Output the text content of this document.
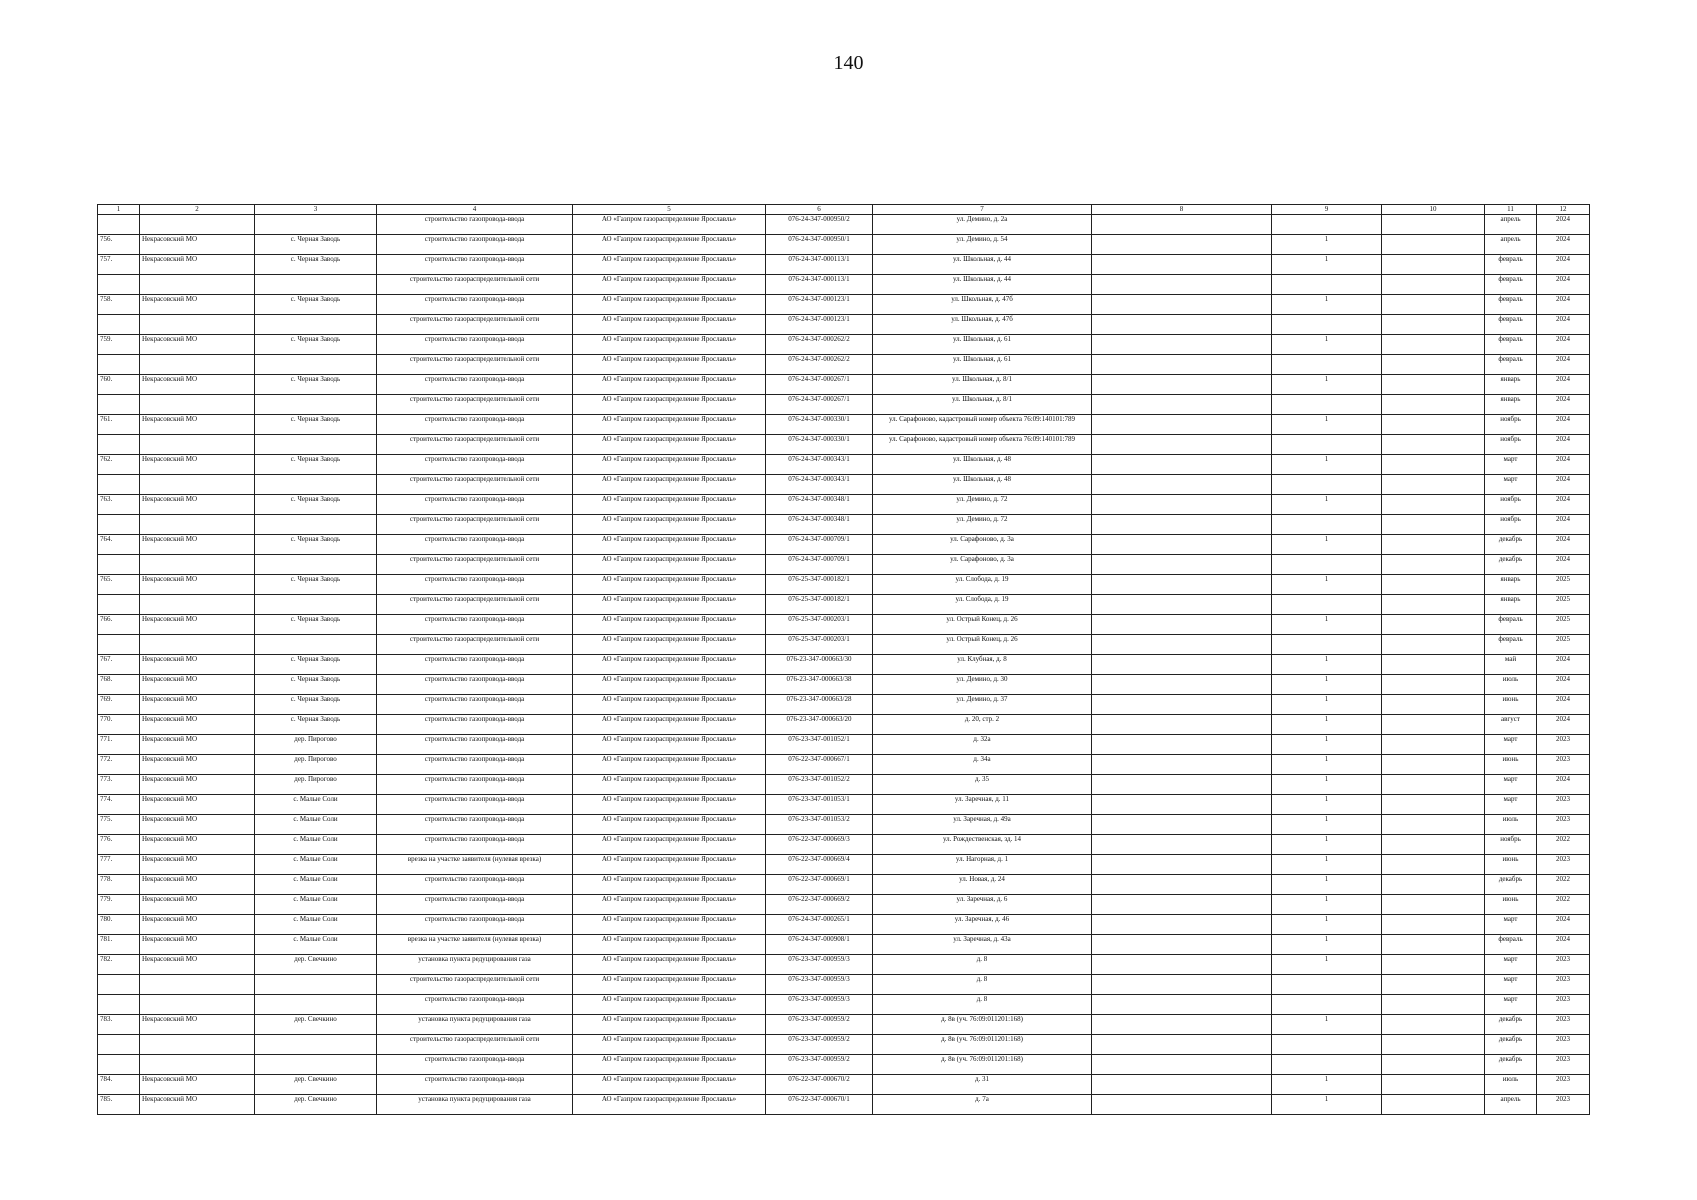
140
1	2	3	4	5	6	7	8	9	10	11	12
			строительство газопровода-ввода	АО «Газпром газораспределение Ярославль»	076-24-347-000950/2	ул. Демино, д. 2а				апрель	2024
756.	Некрасовский МО	с. Черная Заводь	строительство газопровода-ввода	АО «Газпром газораспределение Ярославль»	076-24-347-000950/1	ул. Демино, д. 54		1		апрель	2024
757.	Некрасовский МО	с. Черная Заводь	строительство газопровода-ввода	АО «Газпром газораспределение Ярославль»	076-24-347-000113/1	ул. Школьная, д. 44		1		февраль	2024
			строительство газораспределительной сети	АО «Газпром газораспределение Ярославль»	076-24-347-000113/1	ул. Школьная, д. 44				февраль	2024
758.	Некрасовский МО	с. Черная Заводь	строительство газопровода-ввода	АО «Газпром газораспределение Ярославль»	076-24-347-000123/1	ул. Школьная, д. 47б		1		февраль	2024
			строительство газораспределительной сети	АО «Газпром газораспределение Ярославль»	076-24-347-000123/1	ул. Школьная, д. 47б				февраль	2024
759.	Некрасовский МО	с. Черная Заводь	строительство газопровода-ввода	АО «Газпром газораспределение Ярославль»	076-24-347-000262/2	ул. Школьная, д. 61		1		февраль	2024
			строительство газораспределительной сети	АО «Газпром газораспределение Ярославль»	076-24-347-000262/2	ул. Школьная, д. 61				февраль	2024
760.	Некрасовский МО	с. Черная Заводь	строительство газопровода-ввода	АО «Газпром газораспределение Ярославль»	076-24-347-000267/1	ул. Школьная, д. 8/1		1		январь	2024
			строительство газораспределительной сети	АО «Газпром газораспределение Ярославль»	076-24-347-000267/1	ул. Школьная, д. 8/1				январь	2024
761.	Некрасовский МО	с. Черная Заводь	строительство газопровода-ввода	АО «Газпром газораспределение Ярославль»	076-24-347-000330/1	ул. Сарафоново, кадастровый номер объекта 76:09:140101:789		1		ноябрь	2024
			строительство газораспределительной сети	АО «Газпром газораспределение Ярославль»	076-24-347-000330/1	ул. Сарафоново, кадастровый номер объекта 76:09:140101:789				ноябрь	2024
762.	Некрасовский МО	с. Черная Заводь	строительство газопровода-ввода	АО «Газпром газораспределение Ярославль»	076-24-347-000343/1	ул. Школьная, д. 48		1		март	2024
			строительство газораспределительной сети	АО «Газпром газораспределение Ярославль»	076-24-347-000343/1	ул. Школьная, д. 48				март	2024
763.	Некрасовский МО	с. Черная Заводь	строительство газопровода-ввода	АО «Газпром газораспределение Ярославль»	076-24-347-000348/1	ул. Демино, д. 72		1		ноябрь	2024
			строительство газораспределительной сети	АО «Газпром газораспределение Ярославль»	076-24-347-000348/1	ул. Демино, д. 72				ноябрь	2024
764.	Некрасовский МО	с. Черная Заводь	строительство газопровода-ввода	АО «Газпром газораспределение Ярославль»	076-24-347-000709/1	ул. Сарафоново, д. 3а		1		декабрь	2024
			строительство газораспределительной сети	АО «Газпром газораспределение Ярославль»	076-24-347-000709/1	ул. Сарафоново, д. 3а				декабрь	2024
765.	Некрасовский МО	с. Черная Заводь	строительство газопровода-ввода	АО «Газпром газораспределение Ярославль»	076-25-347-000182/1	ул. Слобода, д. 19		1		январь	2025
			строительство газораспределительной сети	АО «Газпром газораспределение Ярославль»	076-25-347-000182/1	ул. Слобода, д. 19				январь	2025
766.	Некрасовский МО	с. Черная Заводь	строительство газопровода-ввода	АО «Газпром газораспределение Ярославль»	076-25-347-000203/1	ул. Острый Конец, д. 26		1		февраль	2025
			строительство газораспределительной сети	АО «Газпром газораспределение Ярославль»	076-25-347-000203/1	ул. Острый Конец, д. 26				февраль	2025
767.	Некрасовский МО	с. Черная Заводь	строительство газопровода-ввода	АО «Газпром газораспределение Ярославль»	076-23-347-000663/30	ул. Клубная, д. 8		1		май	2024
768.	Некрасовский МО	с. Черная Заводь	строительство газопровода-ввода	АО «Газпром газораспределение Ярославль»	076-23-347-000663/38	ул. Демино, д. 30		1		июль	2024
769.	Некрасовский МО	с. Черная Заводь	строительство газопровода-ввода	АО «Газпром газораспределение Ярославль»	076-23-347-000663/28	ул. Демино, д. 37		1		июнь	2024
770.	Некрасовский МО	с. Черная Заводь	строительство газопровода-ввода	АО «Газпром газораспределение Ярославль»	076-23-347-000663/20	д. 20, стр. 2		1		август	2024
771.	Некрасовский МО	дер. Пирогово	строительство газопровода-ввода	АО «Газпром газораспределение Ярославль»	076-23-347-001052/1	д. 32а		1		март	2023
772.	Некрасовский МО	дер. Пирогово	строительство газопровода-ввода	АО «Газпром газораспределение Ярославль»	076-22-347-000667/1	д. 34а		1		июнь	2023
773.	Некрасовский МО	дер. Пирогово	строительство газопровода-ввода	АО «Газпром газораспределение Ярославль»	076-23-347-001052/2	д. 35		1		март	2024
774.	Некрасовский МО	с. Малые Соли	строительство газопровода-ввода	АО «Газпром газораспределение Ярославль»	076-23-347-001053/1	ул. Заречная, д. 11		1		март	2023
775.	Некрасовский МО	с. Малые Соли	строительство газопровода-ввода	АО «Газпром газораспределение Ярославль»	076-23-347-001053/2	ул. Заречная, д. 49а		1		июль	2023
776.	Некрасовский МО	с. Малые Соли	строительство газопровода-ввода	АО «Газпром газораспределение Ярославль»	076-22-347-000669/3	ул. Рождественская, зд. 14		1		ноябрь	2022
777.	Некрасовский МО	с. Малые Соли	врезка на участке заявителя (нулевая врезка)	АО «Газпром газораспределение Ярославль»	076-22-347-000669/4	ул. Нагорная, д. 1		1		июнь	2023
778.	Некрасовский МО	с. Малые Соли	строительство газопровода-ввода	АО «Газпром газораспределение Ярославль»	076-22-347-000669/1	ул. Новая, д. 24		1		декабрь	2022
779.	Некрасовский МО	с. Малые Соли	строительство газопровода-ввода	АО «Газпром газораспределение Ярославль»	076-22-347-000669/2	ул. Заречная, д. 6		1		июнь	2022
780.	Некрасовский МО	с. Малые Соли	строительство газопровода-ввода	АО «Газпром газораспределение Ярославль»	076-24-347-000265/1	ул. Заречная, д. 46		1		март	2024
781.	Некрасовский МО	с. Малые Соли	врезка на участке заявителя (нулевая врезка)	АО «Газпром газораспределение Ярославль»	076-24-347-000908/1	ул. Заречная, д. 43а		1		февраль	2024
782.	Некрасовский МО	дер. Свечкино	установка пункта редуцирования газа	АО «Газпром газораспределение Ярославль»	076-23-347-000959/3	д. 8		1		март	2023
			строительство газораспределительной сети	АО «Газпром газораспределение Ярославль»	076-23-347-000959/3	д. 8				март	2023
			строительство газопровода-ввода	АО «Газпром газораспределение Ярославль»	076-23-347-000959/3	д. 8				март	2023
783.	Некрасовский МО	дер. Свечкино	установка пункта редуцирования газа	АО «Газпром газораспределение Ярославль»	076-23-347-000959/2	д. 8в (уч. 76:09:011201:168)		1		декабрь	2023
			строительство газораспределительной сети	АО «Газпром газораспределение Ярославль»	076-23-347-000959/2	д. 8в (уч. 76:09:011201:168)				декабрь	2023
			строительство газопровода-ввода	АО «Газпром газораспределение Ярославль»	076-23-347-000959/2	д. 8в (уч. 76:09:011201:168)				декабрь	2023
784.	Некрасовский МО	дер. Свечкино	строительство газопровода-ввода	АО «Газпром газораспределение Ярославль»	076-22-347-000670/2	д. 31		1		июль	2023
785.	Некрасовский МО	дер. Свечкино	установка пункта редуцирования газа	АО «Газпром газораспределение Ярославль»	076-22-347-000670/1	д. 7а		1		апрель	2023
